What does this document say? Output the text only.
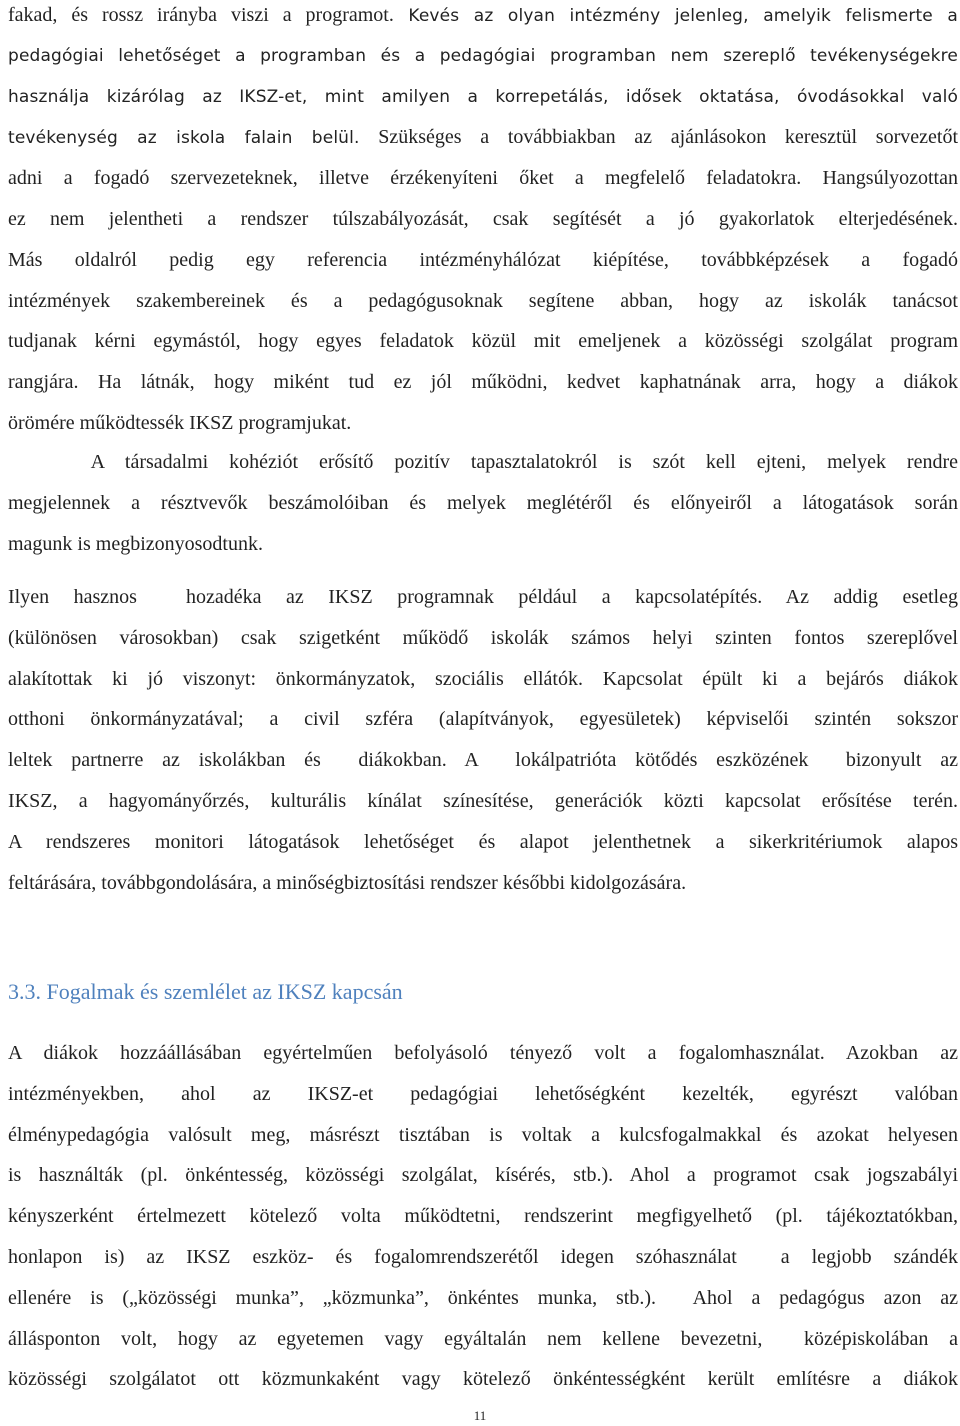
fakad, és rossz irányba viszi a programot. Kevés az olyan intézmény jelenleg, amelyik felismerte a
pedagógiai lehetőséget a programban és a pedagógiai programban nem szereplő tevékenységekre
használja kizárólag az IKSZ-et, mint amilyen a korrepetálás, idősek oktatása, óvodásokkal való
tevékenység az iskola falain belül. Szükséges a továbbiakban az ajánlásokon keresztül sorvezetőt
adni a fogadó szervezeteknek, illetve érzékenyíteni őket a megfelelő feladatokra. Hangsúlyozottan
ez nem jelentheti a rendszer túlszabályozását, csak segítését a jó gyakorlatok elterjedésének.
Más oldalról pedig egy referencia intézményhálózat kiépítése, továbbképzések a fogadó
intézmények szakembereinek és a pedagógusoknak segítene abban, hogy az iskolák tanácsot
tudjanak kérni egymástól, hogy egyes feladatok közül mit emeljenek a közösségi szolgálat program
rangjára. Ha látnák, hogy miként tud ez jól működni, kedvet kaphatnának arra, hogy a diákok
örömére működtessék IKSZ programjukat.
A társadalmi kohéziót erősítő pozitív tapasztalatokról is szót kell ejteni, melyek rendre
megjelennek a résztvevők beszámolóiban és melyek meglétéről és előnyeiről a látogatások során
magunk is megbizonyosodtunk.
Ilyen hasznos  hozadéka az IKSZ programnak például a kapcsolatépítés. Az addig esetleg
(különösen városokban) csak szigetként működő iskolák számos helyi szinten fontos szereplővel
alakítottak ki jó viszonyt: önkormányzatok, szociális ellátók. Kapcsolat épült ki a bejárós diákok
otthoni önkormányzatával; a civil szféra (alapítványok, egyesületek) képviselői szintén sokszor
leltek partnerre az iskolákban és  diákokban. A  lokálpatrióta kötődés eszközének  bizonyult az
IKSZ, a hagyományőrzés, kulturális kínálat színesítése, generációk közti kapcsolat erősítése terén.
A rendszeres monitori látogatások lehetőséget és alapot jelenthetnek a sikerkritériumok alapos
feltárására, továbbgondolására, a minőségbiztosítási rendszer későbbi kidolgozására.
3.3. Fogalmak és szemlélet az IKSZ kapcsán
A diákok hozzáállásában egyértelműen befolyásoló tényező volt a fogalomhasználat. Azokban az
intézményekben, ahol az IKSZ-et pedagógiai lehetőségként kezelték, egyrészt valóban
élménypedagógia valósult meg, másrészt tisztában is voltak a kulcsfogalmakkal és azokat helyesen
is használták (pl. önkéntesség, közösségi szolgálat, kísérés, stb.). Ahol a programot csak jogszabályi
kényszerként értelmezett kötelező volta működtetni, rendszerint megfigyelhető (pl. tájékoztatókban,
honlapon is) az IKSZ eszköz- és fogalomrendszerétől idegen szóhasználat  a legjobb szándék
ellenére is („közösségi munka”, „közmunka”, önkéntes munka, stb.).  Ahol a pedagógus azon az
állásponton volt, hogy az egyetemen vagy egyáltalán nem kellene bevezetni,  középiskolában a
közösségi szolgálatot ott közmunkaként vagy kötelező önkéntességként került említésre a diákok
11
